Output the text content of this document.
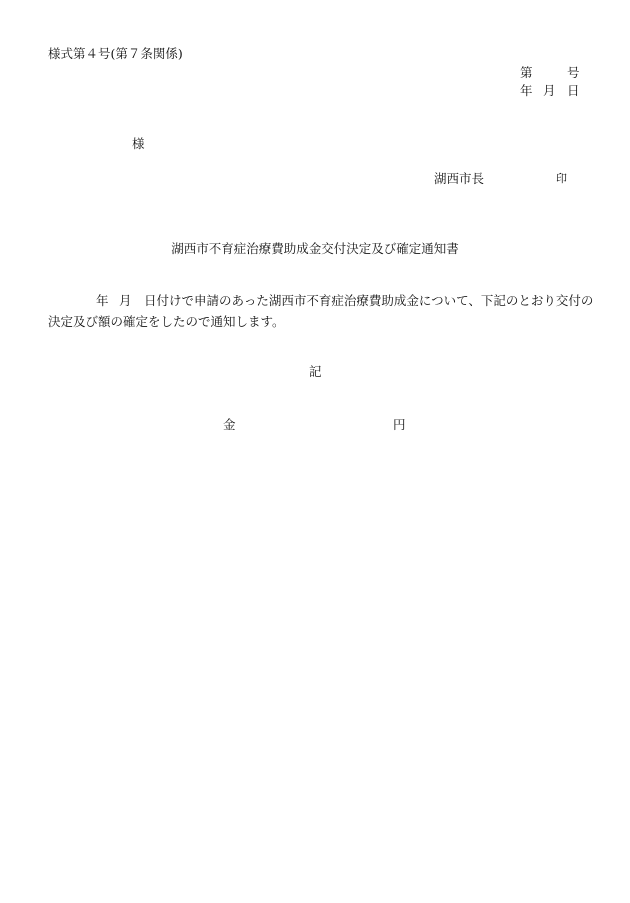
様式第４号(第７条関係)
第	号
年 月 日
様
湖西市長	印
湖西市不育症治療費助成金交付決定及び確定通知書
年 月 日付けで申請のあった湖西市不育症治療費助成金について、下記のとおり交付の
決定及び額の確定をしたので通知します。
記
金	円
